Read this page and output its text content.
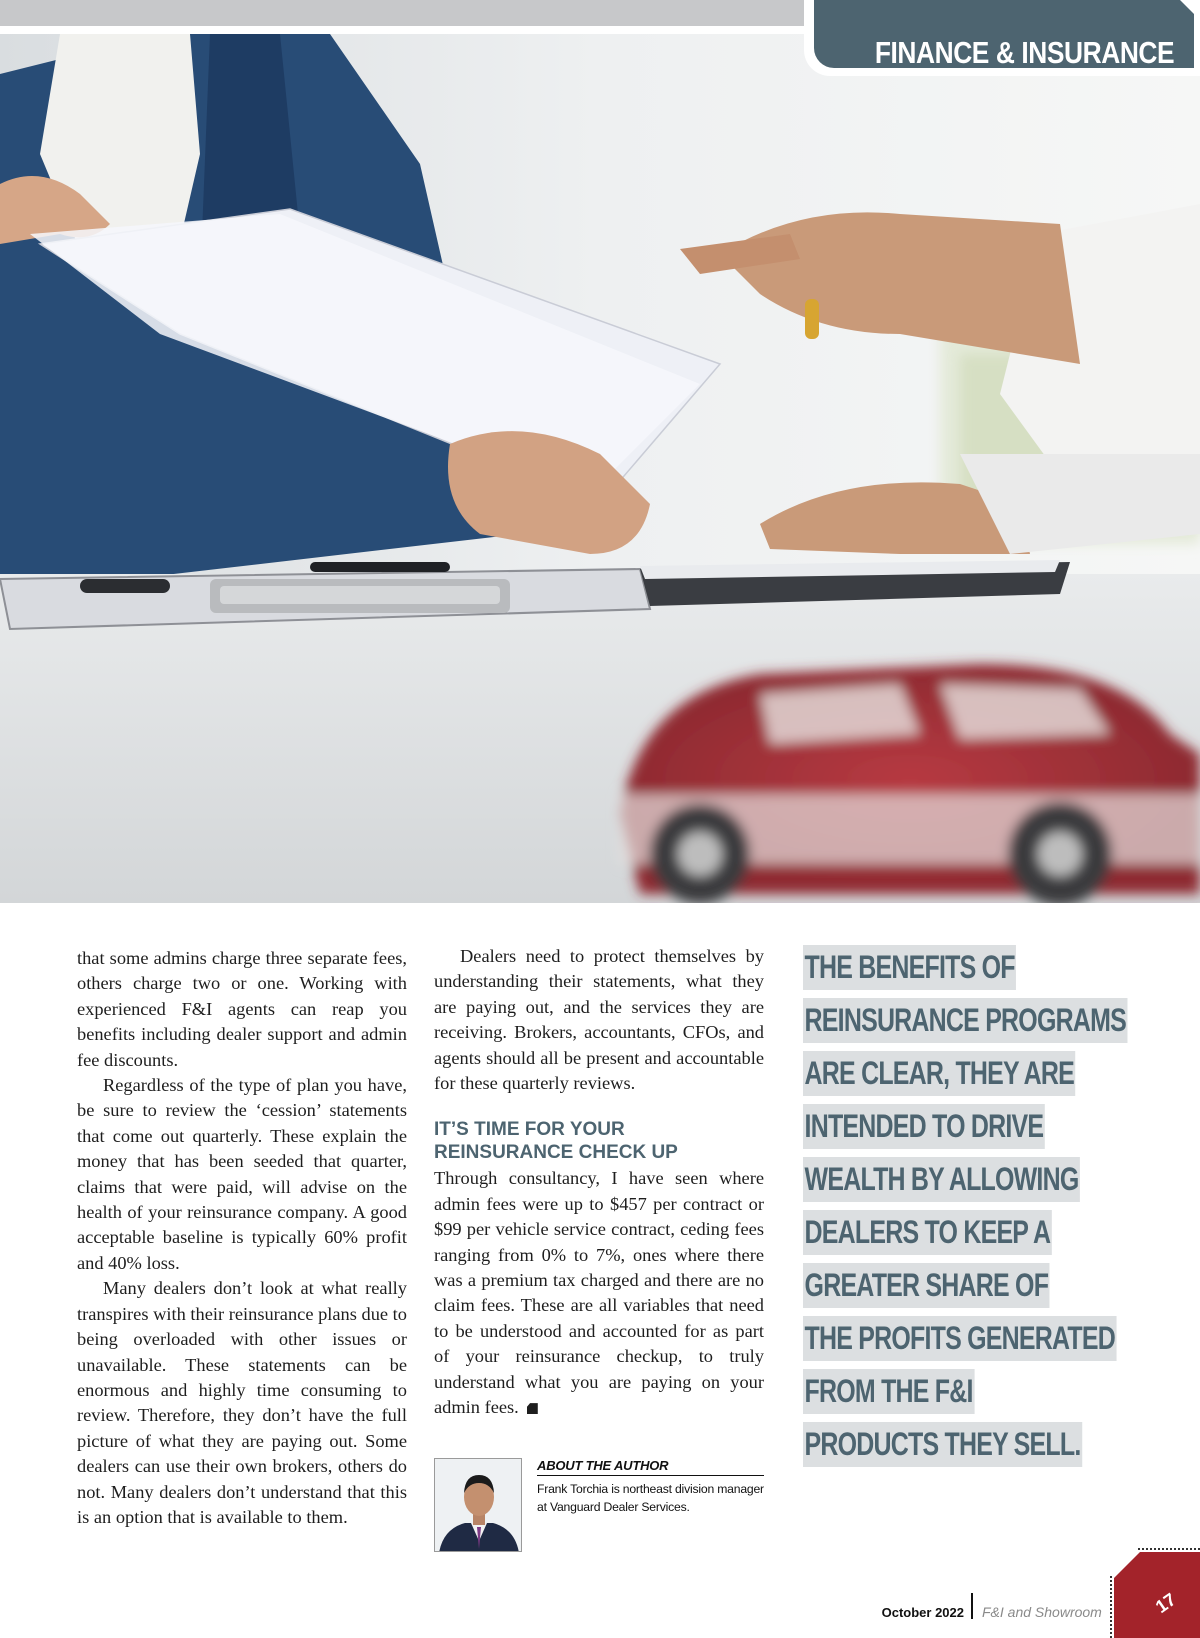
FINANCE & INSURANCE

that some admins charge three separate fees, others charge two or one. Working with experienced F&I agents can reap you benefits including dealer support and admin fee discounts.

Regardless of the type of plan you have, be sure to review the ‘cession’ statements that come out quarterly. These explain the money that has been seeded that quarter, claims that were paid, will advise on the health of your reinsurance company. A good acceptable baseline is typically 60% profit and 40% loss.

Many dealers don’t look at what really transpires with their reinsurance plans due to being overloaded with other issues or unavailable. These statements can be enormous and highly time consuming to review. Therefore, they don’t have the full picture of what they are paying out. Some dealers can use their own brokers, others do not. Many dealers don’t understand that this is an option that is available to them.

Dealers need to protect themselves by understanding their statements, what they are paying out, and the services they are receiving. Brokers, accountants, CFOs, and agents should all be present and accountable for these quarterly reviews.

IT’S TIME FOR YOUR
REINSURANCE CHECK UP

Through consultancy, I have seen where admin fees were up to $457 per contract or $99 per vehicle service contract, ceding fees ranging from 0% to 7%, ones where there was a premium tax charged and there are no claim fees. These are all variables that need to be understood and accounted for as part of your reinsurance checkup, to truly understand what you are paying on your admin fees.

ABOUT THE AUTHOR
Frank Torchia is northeast division manager at Vanguard Dealer Services.
THE BENEFITS OF
REINSURANCE PROGRAMS
ARE CLEAR, THEY ARE
INTENDED TO DRIVE
WEALTH BY ALLOWING
DEALERS TO KEEP A
GREATER SHARE OF
THE PROFITS GENERATED
FROM THE F&I
PRODUCTS THEY SELL.
October 2022 F&I and Showroom	17
